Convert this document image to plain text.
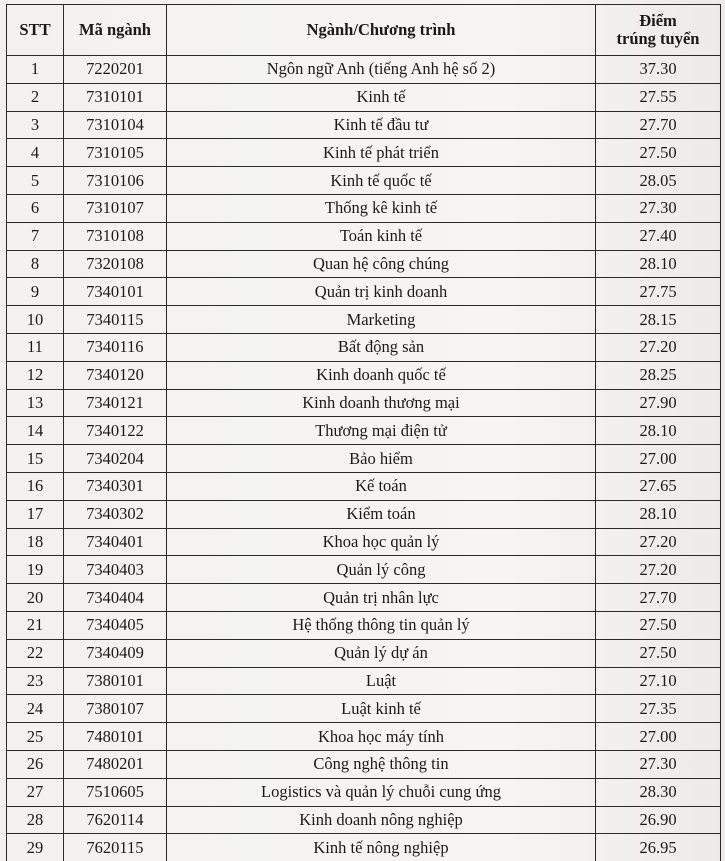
STT	Mã ngành	Ngành/Chương trình	Điểm
trúng tuyển

1	7220201	Ngôn ngữ Anh (tiếng Anh hệ số 2)	37.30
2	7310101	Kinh tế	27.55
3	7310104	Kinh tế đầu tư	27.70
4	7310105	Kinh tế phát triển	27.50
5	7310106	Kinh tế quốc tế	28.05
6	7310107	Thống kê kinh tế	27.30
7	7310108	Toán kinh tế	27.40
8	7320108	Quan hệ công chúng	28.10
9	7340101	Quản trị kinh doanh	27.75
10	7340115	Marketing	28.15
11	7340116	Bất động sản	27.20
12	7340120	Kinh doanh quốc tế	28.25
13	7340121	Kinh doanh thương mại	27.90
14	7340122	Thương mại điện tử	28.10
15	7340204	Bảo hiểm	27.00
16	7340301	Kế toán	27.65
17	7340302	Kiểm toán	28.10
18	7340401	Khoa học quản lý	27.20
19	7340403	Quản lý công	27.20
20	7340404	Quản trị nhân lực	27.70
21	7340405	Hệ thống thông tin quản lý	27.50
22	7340409	Quản lý dự án	27.50
23	7380101	Luật	27.10
24	7380107	Luật kinh tế	27.35
25	7480101	Khoa học máy tính	27.00
26	7480201	Công nghệ thông tin	27.30
27	7510605	Logistics và quản lý chuỗi cung ứng	28.30
28	7620114	Kinh doanh nông nghiệp	26.90
29	7620115	Kinh tế nông nghiệp	26.95
